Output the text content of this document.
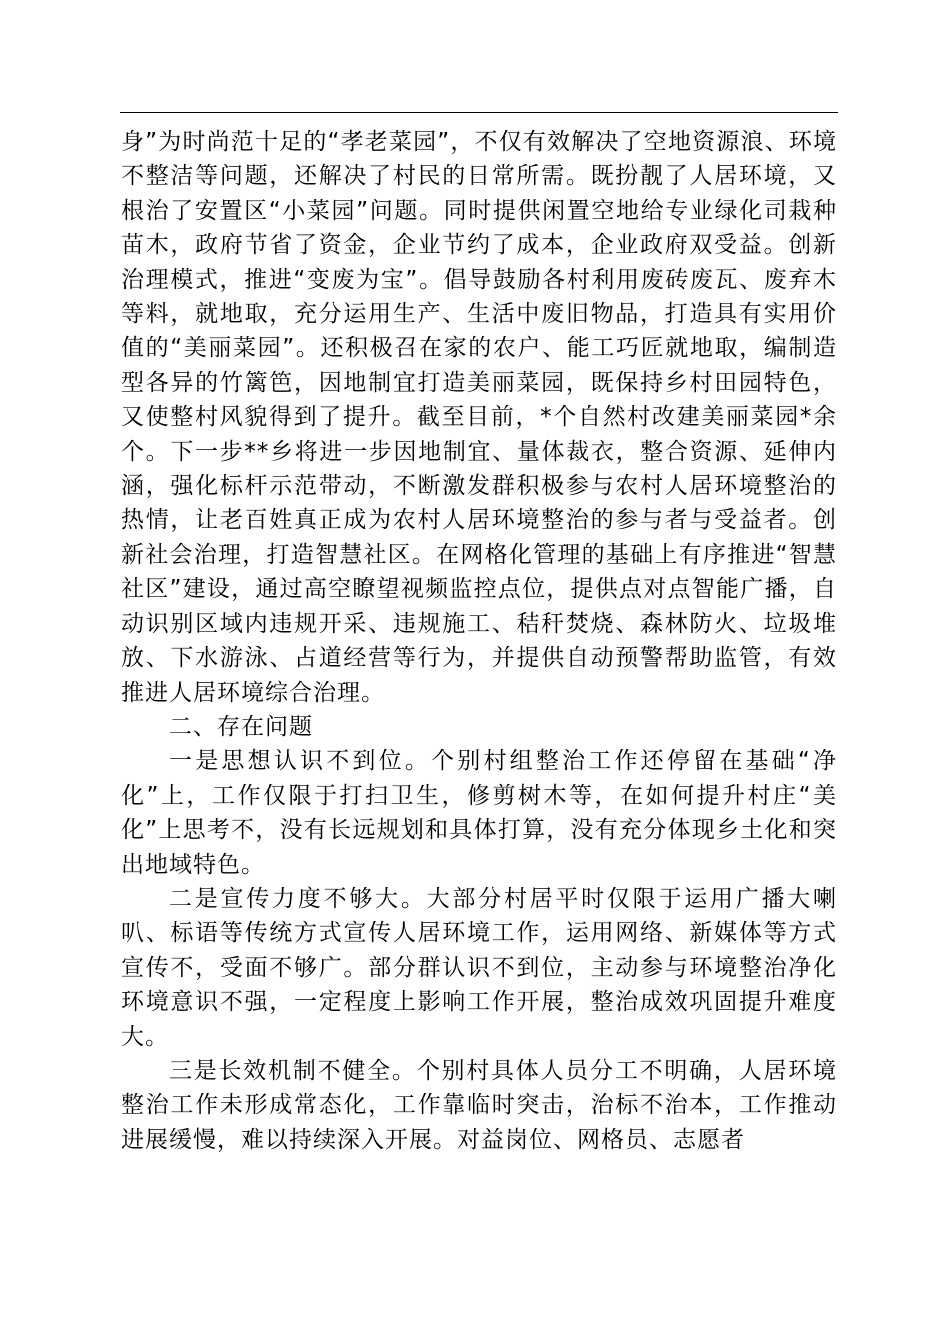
身”为时尚范十足的“孝老菜园”，不仅有效解决了空地资源浪、环境不整洁等问题，还解决了村民的日常所需。既扮靓了人居环境，又根治了安置区“小菜园”问题。同时提供闲置空地给专业绿化司栽种苗木，政府节省了资金，企业节约了成本，企业政府双受益。创新治理模式，推进“变废为宝”。倡导鼓励各村利用废砖废瓦、废弃木等料，就地取，充分运用生产、生活中废旧物品，打造具有实用价值的“美丽菜园”。还积极召在家的农户、能工巧匠就地取，编制造型各异的竹篱笆，因地制宜打造美丽菜园，既保持乡村田园特色，又使整村风貌得到了提升。截至目前，*个自然村改建美丽菜园*余个。下一步**乡将进一步因地制宜、量体裁衣，整合资源、延伸内涵，强化标杆示范带动，不断激发群积极参与农村人居环境整治的热情，让老百姓真正成为农村人居环境整治的参与者与受益者。创新社会治理，打造智慧社区。在网格化管理的基础上有序推进“智慧社区”建设，通过高空瞭望视频监控点位，提供点对点智能广播，自动识别区域内违规开采、违规施工、秸秆焚烧、森林防火、垃圾堆放、下水游泳、占道经营等行为，并提供自动预警帮助监管，有效推进人居环境综合治理。

二、存在问题

一是思想认识不到位。个别村组整治工作还停留在基础“净化”上，工作仅限于打扫卫生，修剪树木等，在如何提升村庄“美化”上思考不，没有长远规划和具体打算，没有充分体现乡土化和突出地域特色。

二是宣传力度不够大。大部分村居平时仅限于运用广播大喇叭、标语等传统方式宣传人居环境工作，运用网络、新媒体等方式宣传不，受面不够广。部分群认识不到位，主动参与环境整治净化环境意识不强，一定程度上影响工作开展，整治成效巩固提升难度大。

三是长效机制不健全。个别村具体人员分工不明确，人居环境整治工作未形成常态化，工作靠临时突击，治标不治本，工作推动进展缓慢，难以持续深入开展。对益岗位、网格员、志愿者
